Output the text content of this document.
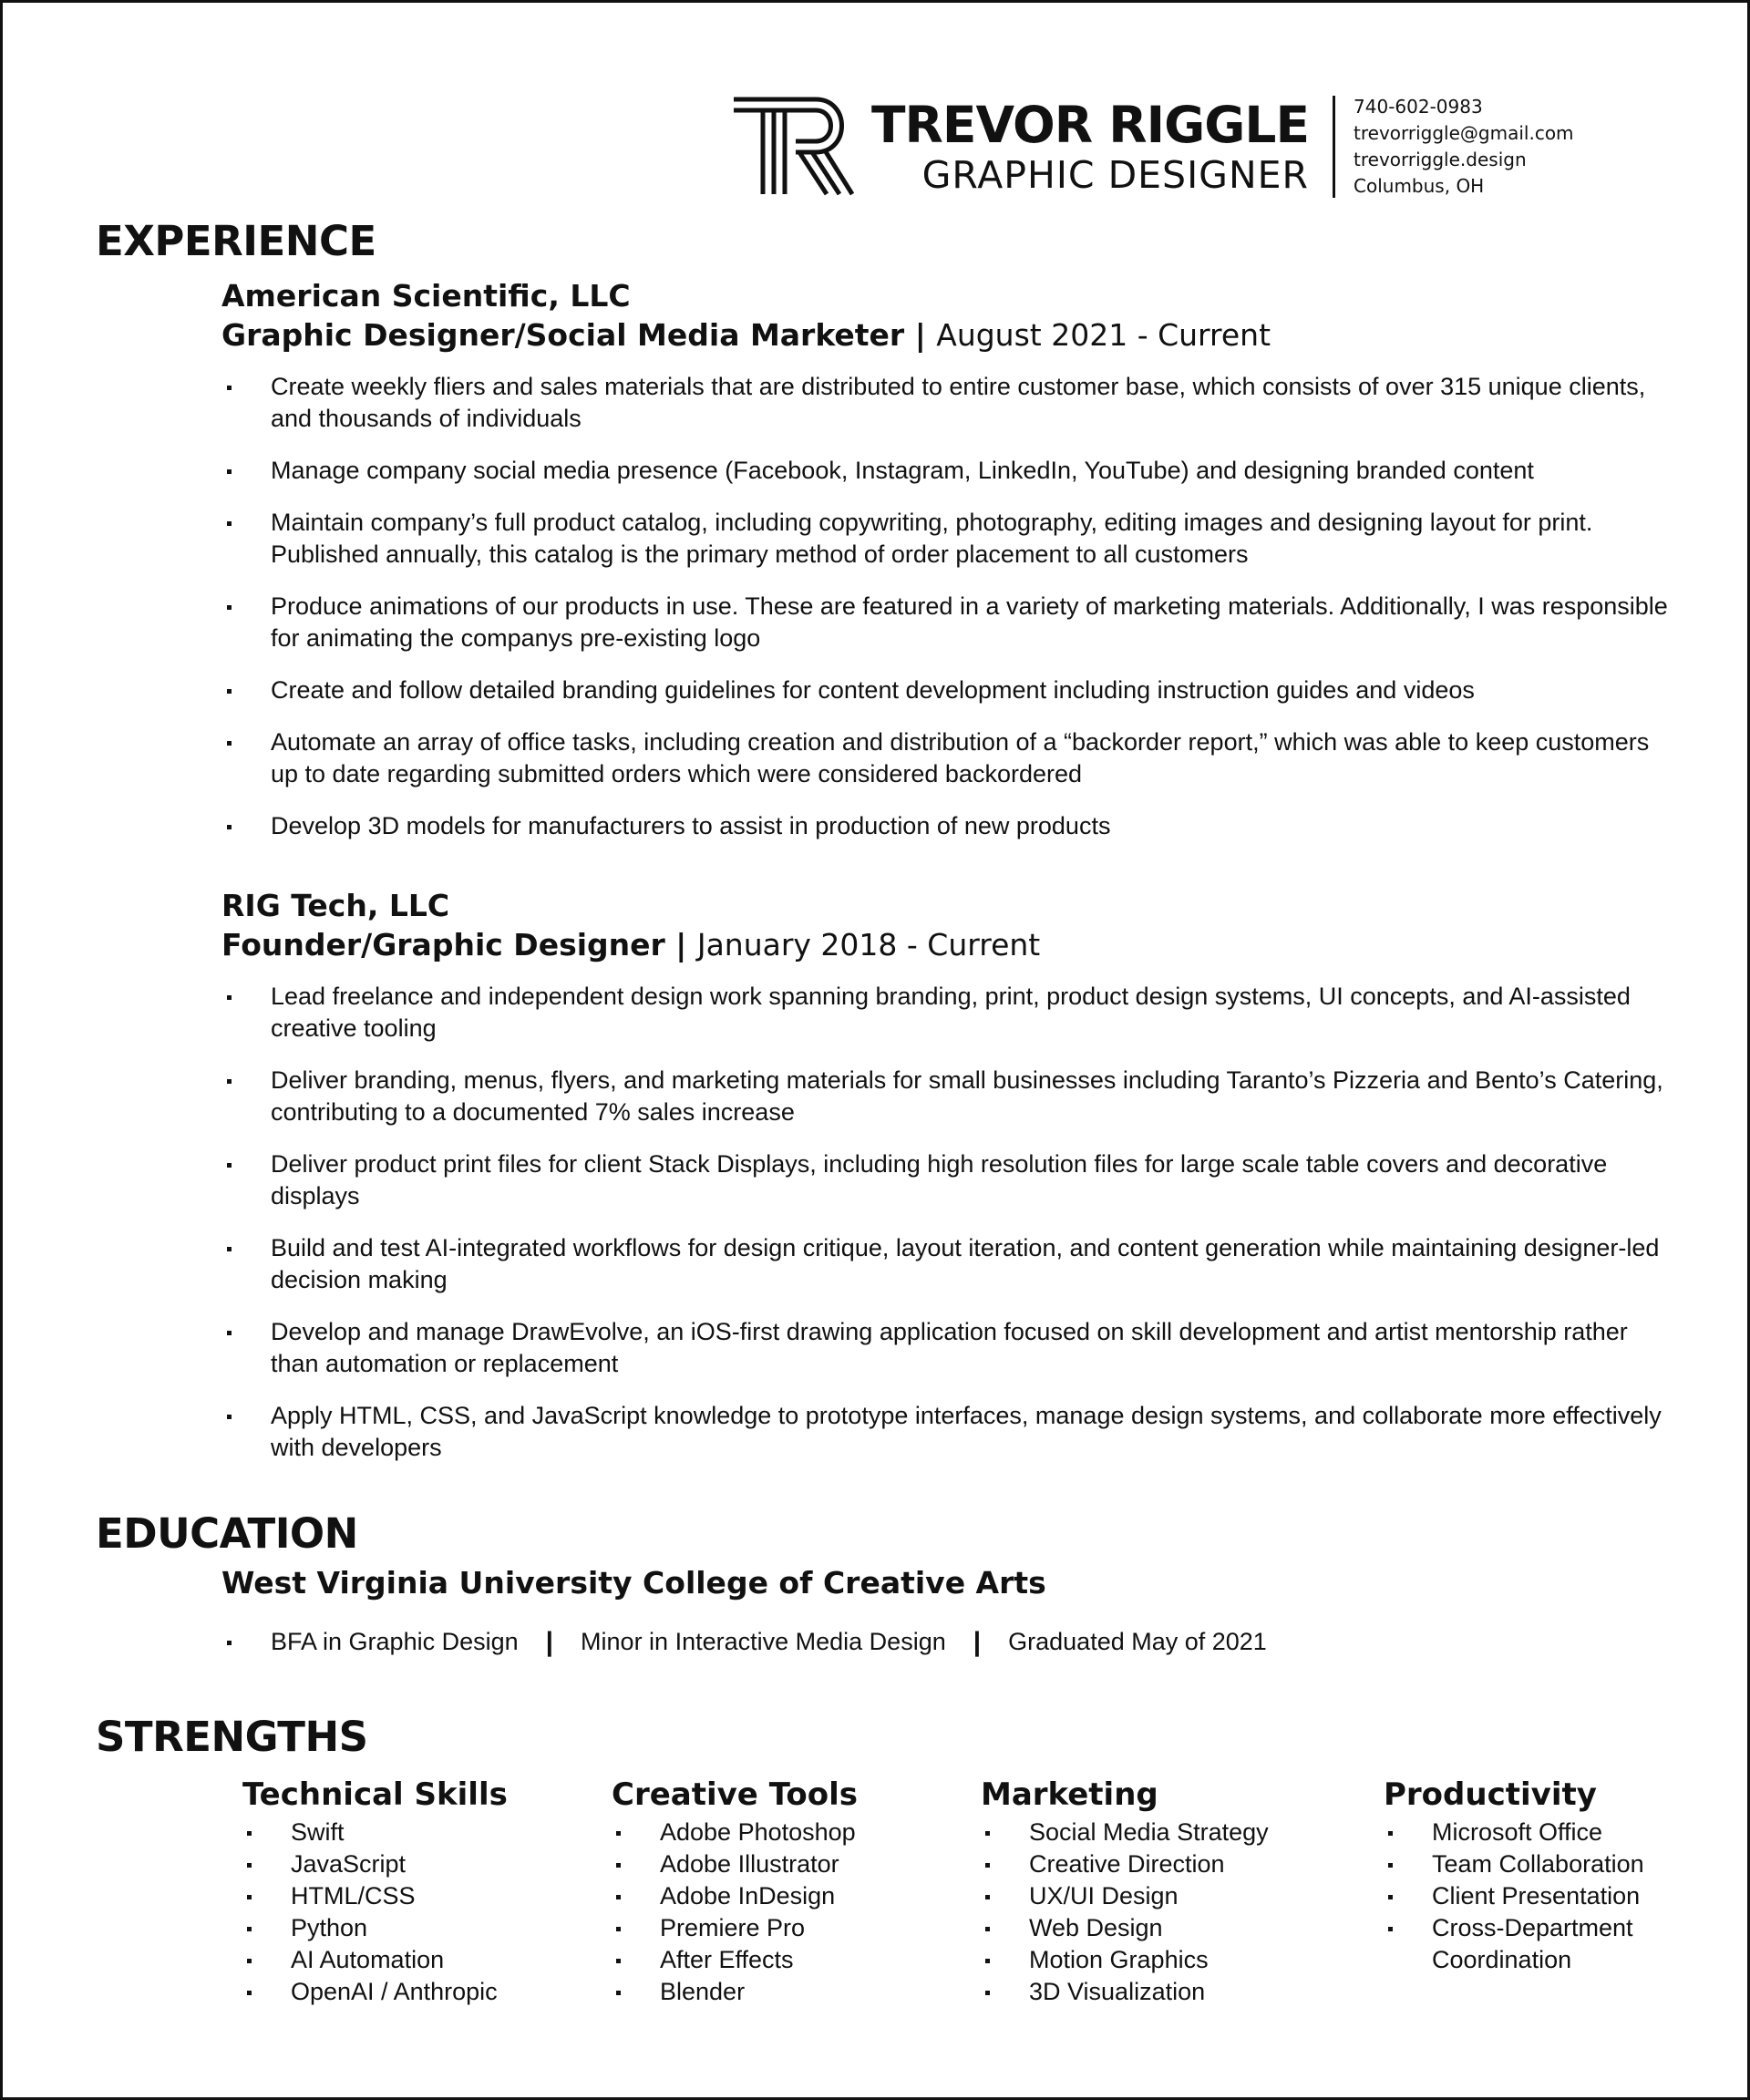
TREVOR RIGGLE
GRAPHIC DESIGNER
740-602-0983
trevorriggle@gmail.com
trevorriggle.design
Columbus, OH
EXPERIENCE
American Scientific, LLC
Graphic Designer/Social Media Marketer | August 2021 - Current
Create weekly fliers and sales materials that are distributed to entire customer base, which consists of over 315 unique clients, and thousands of individuals
Manage company social media presence (Facebook, Instagram, LinkedIn, YouTube) and designing branded content
Maintain company’s full product catalog, including copywriting, photography, editing images and designing layout for print. Published annually, this catalog is the primary method of order placement to all customers
Produce animations of our products in use. These are featured in a variety of marketing materials. Additionally, I was responsible for animating the companys pre-existing logo
Create and follow detailed branding guidelines for content development including instruction guides and videos
Automate an array of office tasks, including creation and distribution of a “backorder report,” which was able to keep customers up to date regarding submitted orders which were considered backordered
Develop 3D models for manufacturers to assist in production of new products
RIG Tech, LLC
Founder/Graphic Designer | January 2018 - Current
Lead freelance and independent design work spanning branding, print, product design systems, UI concepts, and AI-assisted creative tooling
Deliver branding, menus, flyers, and marketing materials for small businesses including Taranto’s Pizzeria and Bento’s Catering, contributing to a documented 7% sales increase
Deliver product print files for client Stack Displays, including high resolution files for large scale table covers and decorative displays
Build and test AI-integrated workflows for design critique, layout iteration, and content generation while maintaining designer-led decision making
Develop and manage DrawEvolve, an iOS-first drawing application focused on skill development and artist mentorship rather than automation or replacement
Apply HTML, CSS, and JavaScript knowledge to prototype interfaces, manage design systems, and collaborate more effectively with developers
EDUCATION
West Virginia University College of Creative Arts
BFA in Graphic Design | Minor in Interactive Media Design | Graduated May of 2021
STRENGTHS
Technical Skills
Swift
JavaScript
HTML/CSS
Python
AI Automation
OpenAI / Anthropic
Creative Tools
Adobe Photoshop
Adobe Illustrator
Adobe InDesign
Premiere Pro
After Effects
Blender
Marketing
Social Media Strategy
Creative Direction
UX/UI Design
Web Design
Motion Graphics
3D Visualization
Productivity
Microsoft Office
Team Collaboration
Client Presentation
Cross-Department Coordination
